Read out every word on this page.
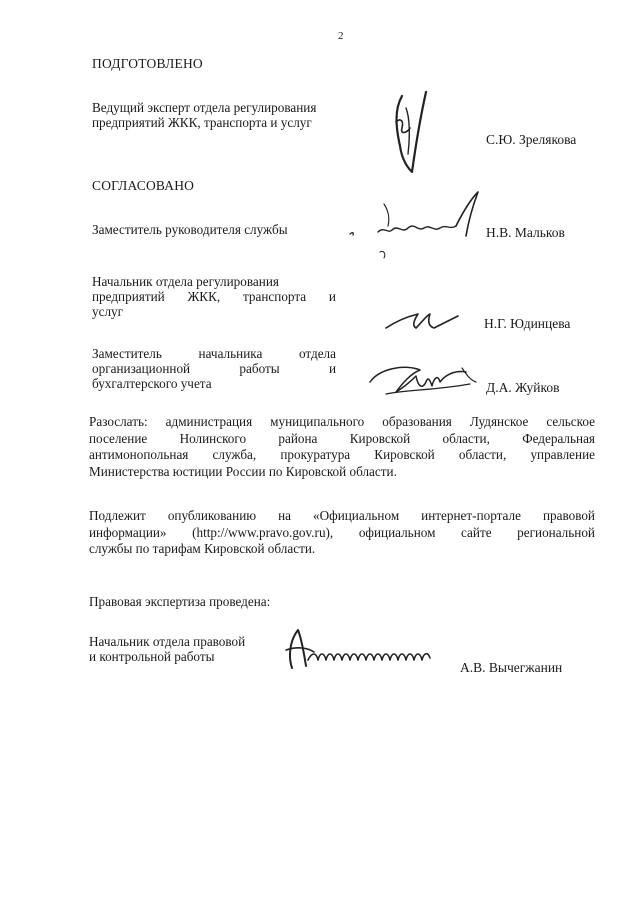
2
ПОДГОТОВЛЕНО
Ведущий эксперт отдела регулирования
предприятий ЖКК, транспорта и услуг
С.Ю. Зрелякова
СОГЛАСОВАНО
Заместитель руководителя службы	Н.В. Мальков
Начальник отдела регулирования
предприятий ЖКК, транспорта и
услуг
Н.Г. Юдинцева
Заместитель начальника отдела
организационной работы и
бухгалтерского учета	Д.А. Жуйков
Разослать: администрация муниципального образования Лудянское сельское
поселение Нолинского района Кировской области, Федеральная
антимонопольная служба, прокуратура Кировской области, управление
Министерства юстиции России по Кировской области.
Подлежит опубликованию на «Официальном интернет-портале правовой
информации» (http://www.pravo.gov.ru), официальном сайте региональной
службы по тарифам Кировской области.
Правовая экспертиза проведена:
Начальник отдела правовой
и контрольной работы
А.В. Вычегжанин
